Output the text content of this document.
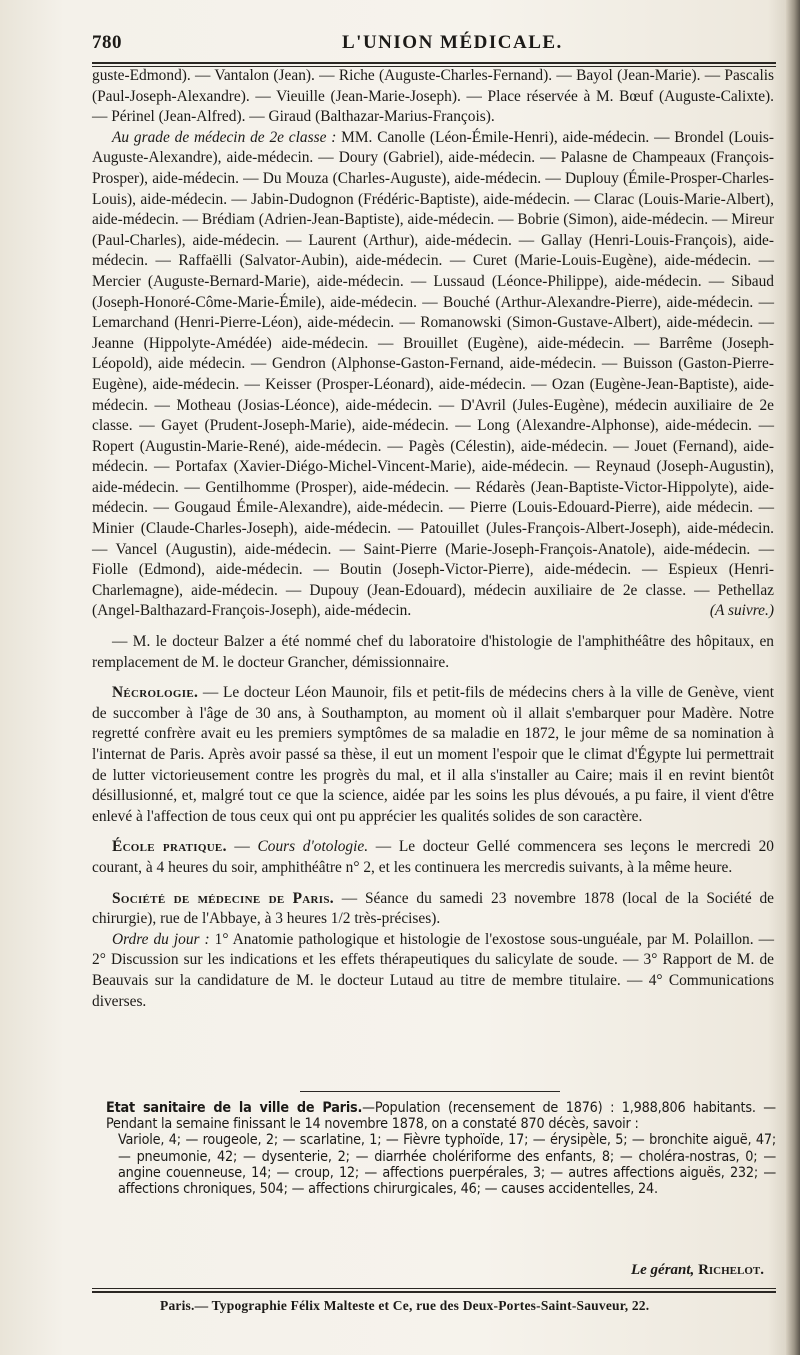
780	L'UNION MÉDICALE.

guste-Edmond). — Vantalon (Jean). — Riche (Auguste-Charles-Fernand). — Bayol (Jean-Marie). — Pascalis (Paul-Joseph-Alexandre). — Vieuille (Jean-Marie-Joseph). — Place réservée à M. Bœuf (Auguste-Calixte). — Périnel (Jean-Alfred). — Giraud (Balthazar-Marius-François).

Au grade de médecin de 2e classe : MM. Canolle (Léon-Émile-Henri), aide-médecin. — Brondel (Louis-Auguste-Alexandre), aide-médecin. — Doury (Gabriel), aide-médecin. — Palasne de Champeaux (François-Prosper), aide-médecin. — Du Mouza (Charles-Auguste), aide-médecin. — Duplouy (Émile-Prosper-Charles-Louis), aide-médecin. — Jabin-Dudognon (Frédéric-Baptiste), aide-médecin. — Clarac (Louis-Marie-Albert), aide-médecin. — Brédiam (Adrien-Jean-Baptiste), aide-médecin. — Bobrie (Simon), aide-médecin. — Mireur (Paul-Charles), aide-médecin. — Laurent (Arthur), aide-médecin. — Gallay (Henri-Louis-François), aide-médecin. — Raffaëlli (Salvator-Aubin), aide-médecin. — Curet (Marie-Louis-Eugène), aide-médecin. — Mercier (Auguste-Bernard-Marie), aide-médecin. — Lussaud (Léonce-Philippe), aide-médecin. — Sibaud (Joseph-Honoré-Côme-Marie-Émile), aide-médecin. — Bouché (Arthur-Alexandre-Pierre), aide-médecin. — Lemarchand (Henri-Pierre-Léon), aide-médecin. — Romanowski (Simon-Gustave-Albert), aide-médecin. — Jeanne (Hippolyte-Amédée) aide-médecin. — Brouillet (Eugène), aide-médecin. — Barrême (Joseph-Léopold), aide médecin. — Gendron (Alphonse-Gaston-Fernand, aide-médecin. — Buisson (Gaston-Pierre-Eugène), aide-médecin. — Keisser (Prosper-Léonard), aide-médecin. — Ozan (Eugène-Jean-Baptiste), aide-médecin. — Motheau (Josias-Léonce), aide-médecin. — D'Avril (Jules-Eugène), médecin auxiliaire de 2e classe. — Gayet (Prudent-Joseph-Marie), aide-médecin. — Long (Alexandre-Alphonse), aide-médecin. — Ropert (Augustin-Marie-René), aide-médecin. — Pagès (Célestin), aide-médecin. — Jouet (Fernand), aide-médecin. — Portafax (Xavier-Diégo-Michel-Vincent-Marie), aide-médecin. — Reynaud (Joseph-Augustin), aide-médecin. — Gentilhomme (Prosper), aide-médecin. — Rédarès (Jean-Baptiste-Victor-Hippolyte), aide-médecin. — Gougaud Émile-Alexandre), aide-médecin. — Pierre (Louis-Edouard-Pierre), aide médecin. — Minier (Claude-Charles-Joseph), aide-médecin. — Patouillet (Jules-François-Albert-Joseph), aide-médecin. — Vancel (Augustin), aide-médecin. — Saint-Pierre (Marie-Joseph-François-Anatole), aide-médecin. — Fiolle (Edmond), aide-médecin. — Boutin (Joseph-Victor-Pierre), aide-médecin. — Espieux (Henri-Charlemagne), aide-médecin. — Dupouy (Jean-Edouard), médecin auxiliaire de 2e classe. — Pethellaz (Angel-Balthazard-François-Joseph), aide-médecin.	(A suivre.)

— M. le docteur Balzer a été nommé chef du laboratoire d'histologie de l'amphithéâtre des hôpitaux, en remplacement de M. le docteur Grancher, démissionnaire.

Nécrologie. — Le docteur Léon Maunoir, fils et petit-fils de médecins chers à la ville de Genève, vient de succomber à l'âge de 30 ans, à Southampton, au moment où il allait s'embarquer pour Madère. Notre regretté confrère avait eu les premiers symptômes de sa maladie en 1872, le jour même de sa nomination à l'internat de Paris. Après avoir passé sa thèse, il eut un moment l'espoir que le climat d'Égypte lui permettrait de lutter victorieusement contre les progrès du mal, et il alla s'installer au Caire; mais il en revint bientôt désillusionné, et, malgré tout ce que la science, aidée par les soins les plus dévoués, a pu faire, il vient d'être enlevé à l'affection de tous ceux qui ont pu apprécier les qualités solides de son caractère.

École pratique. — Cours d'otologie. — Le docteur Gellé commencera ses leçons le mercredi 20 courant, à 4 heures du soir, amphithéâtre n° 2, et les continuera les mercredis suivants, à la même heure.

Société de médecine de Paris. — Séance du samedi 23 novembre 1878 (local de la Société de chirurgie), rue de l'Abbaye, à 3 heures 1/2 très-précises).

Ordre du jour : 1° Anatomie pathologique et histologie de l'exostose sous-unguéale, par M. Polaillon. — 2° Discussion sur les indications et les effets thérapeutiques du salicylate de soude. — 3° Rapport de M. de Beauvais sur la candidature de M. le docteur Lutaud au titre de membre titulaire. — 4° Communications diverses.

Etat sanitaire de la ville de Paris.—Population (recensement de 1876) : 1,988,806 habitants. — Pendant la semaine finissant le 14 novembre 1878, on a constaté 870 décès, savoir :

Variole, 4; — rougeole, 2; — scarlatine, 1; — Fièvre typhoïde, 17; — érysipèle, 5; — bronchite aiguë, 47; — pneumonie, 42; — dysenterie, 2; — diarrhée cholériforme des enfants, 8; — choléra-nostras, 0; — angine couenneuse, 14; — croup, 12; — affections puerpérales, 3; — autres affections aiguës, 232; — affections chroniques, 504; — affections chirurgicales, 46; — causes accidentelles, 24.

Le gérant, Richelot.
Paris.— Typographie Félix Malteste et Ce, rue des Deux-Portes-Saint-Sauveur, 22.
